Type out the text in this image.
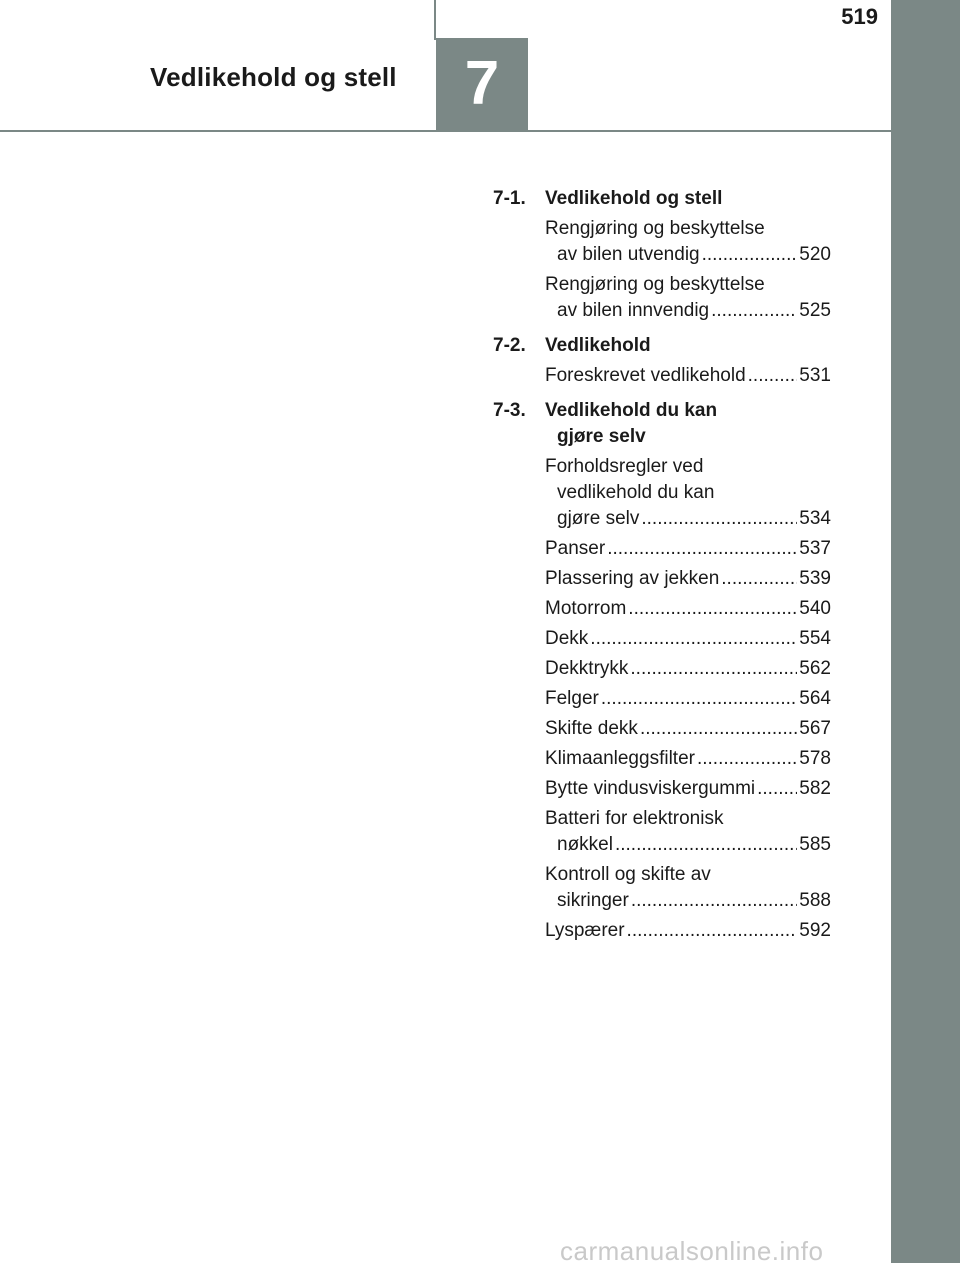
519
Vedlikehold og stell	7
7-1.	Vedlikehold og stell
Rengjøring og beskyttelse
av bilen utvendig .....	520
Rengjøring og beskyttelse
av bilen innvendig .....	525
7-2.	Vedlikehold
Foreskrevet vedlikehold .....	531
7-3.	Vedlikehold du kan
gjøre selv
Forholdsregler ved
vedlikehold du kan
gjøre selv .....	534
Panser .....	537
Plassering av jekken .....	539
Motorrom .....	540
Dekk .....	554
Dekktrykk .....	562
Felger .....	564
Skifte dekk .....	567
Klimaanleggsfilter .....	578
Bytte vindusviskergummi ..... 582
Batteri for elektronisk
nøkkel .....	585
Kontroll og skifte av
sikringer .....	588
Lyspærer .....	592
carmanualsonline.info
